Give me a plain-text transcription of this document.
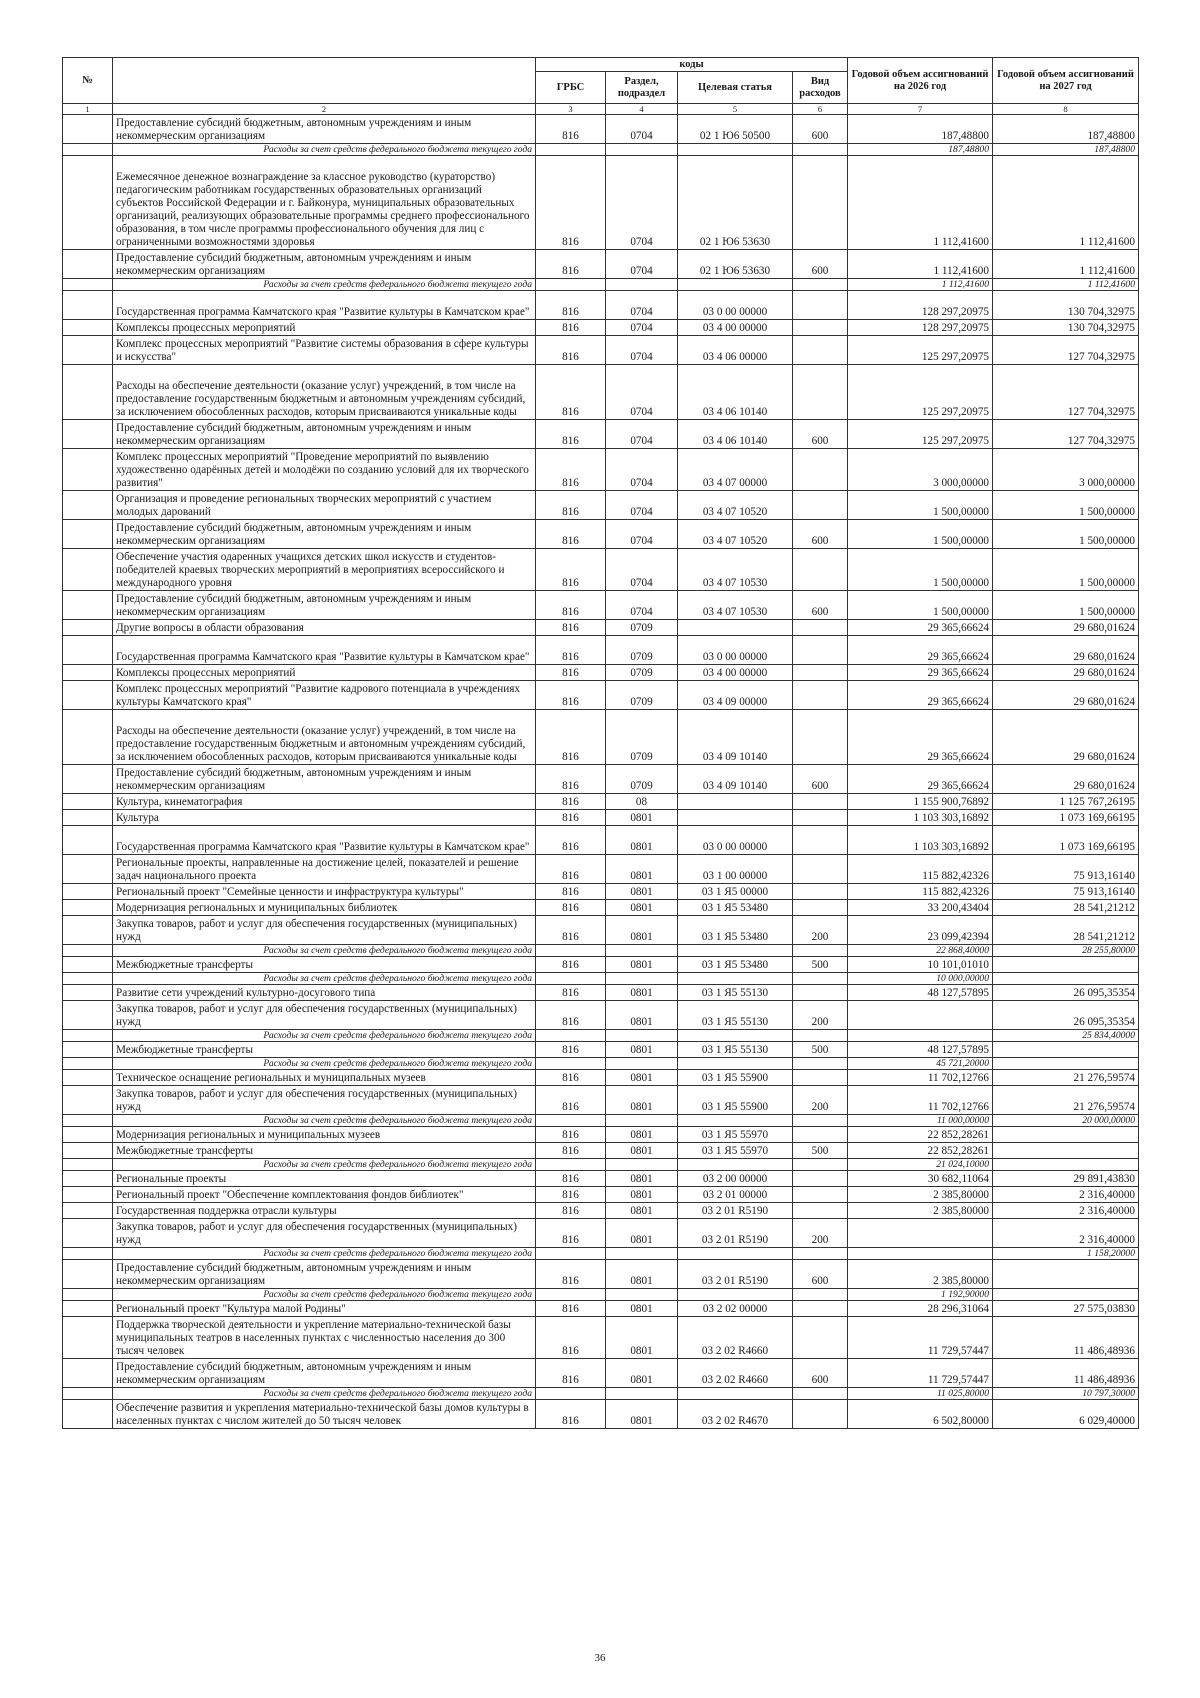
№		коды				Годовой объем ассигнований на 2026 год	Годовой объем ассигнований на 2027 год
		ГРБС	Раздел, подраздел	Целевая статья	Вид расходов		
1	2	3	4	5	6	7	8
	Предоставление субсидий бюджетным, автономным учреждениям и иным некоммерческим организациям	816	0704	02 1 Ю6 50500	600	187,48800	187,48800
	Расходы за счет средств федерального бюджета текущего года					187,48800	187,48800
	Ежемесячное денежное вознаграждение за классное руководство (кураторство) педагогическим работникам государственных образовательных организаций субъектов Российской Федерации и г. Байконура, муниципальных образовательных организаций, реализующих образовательные программы среднего профессионального образования, в том числе программы профессионального обучения для лиц с ограниченными возможностями здоровья	816	0704	02 1 Ю6 53630		1 112,41600	1 112,41600
	Предоставление субсидий бюджетным, автономным учреждениям и иным некоммерческим организациям	816	0704	02 1 Ю6 53630	600	1 112,41600	1 112,41600
	Расходы за счет средств федерального бюджета текущего года					1 112,41600	1 112,41600
	Государственная программа Камчатского края "Развитие культуры в Камчатском крае"	816	0704	03 0 00 00000		128 297,20975	130 704,32975
	Комплексы процессных мероприятий	816	0704	03 4 00 00000		128 297,20975	130 704,32975
	Комплекс процессных мероприятий "Развитие системы образования в сфере культуры и искусства"	816	0704	03 4 06 00000		125 297,20975	127 704,32975
	Расходы на обеспечение деятельности (оказание услуг) учреждений, в том числе на предоставление государственным бюджетным и автономным учреждениям субсидий, за исключением обособленных расходов, которым присваиваются уникальные коды	816	0704	03 4 06 10140		125 297,20975	127 704,32975
	Предоставление субсидий бюджетным, автономным учреждениям и иным некоммерческим организациям	816	0704	03 4 06 10140	600	125 297,20975	127 704,32975
	Комплекс процессных мероприятий "Проведение мероприятий по выявлению художественно одарённых детей и молодёжи по созданию условий для их творческого развития"	816	0704	03 4 07 00000		3 000,00000	3 000,00000
	Организация и проведение региональных творческих мероприятий с участием молодых дарований	816	0704	03 4 07 10520		1 500,00000	1 500,00000
	Предоставление субсидий бюджетным, автономным учреждениям и иным некоммерческим организациям	816	0704	03 4 07 10520	600	1 500,00000	1 500,00000
	Обеспечение участия одаренных учащихся детских школ искусств и студентов-победителей краевых творческих мероприятий в мероприятиях всероссийского и международного уровня	816	0704	03 4 07 10530		1 500,00000	1 500,00000
	Предоставление субсидий бюджетным, автономным учреждениям и иным некоммерческим организациям	816	0704	03 4 07 10530	600	1 500,00000	1 500,00000
	Другие вопросы в области образования	816	0709			29 365,66624	29 680,01624
	Государственная программа Камчатского края "Развитие культуры в Камчатском крае"	816	0709	03 0 00 00000		29 365,66624	29 680,01624
	Комплексы процессных мероприятий	816	0709	03 4 00 00000		29 365,66624	29 680,01624
	Комплекс процессных мероприятий "Развитие кадрового потенциала в учреждениях культуры Камчатского края"	816	0709	03 4 09 00000		29 365,66624	29 680,01624
	Расходы на обеспечение деятельности (оказание услуг) учреждений, в том числе на предоставление государственным бюджетным и автономным учреждениям субсидий, за исключением обособленных расходов, которым присваиваются уникальные коды	816	0709	03 4 09 10140		29 365,66624	29 680,01624
	Предоставление субсидий бюджетным, автономным учреждениям и иным некоммерческим организациям	816	0709	03 4 09 10140	600	29 365,66624	29 680,01624
	Культура, кинематография	816	08			1 155 900,76892	1 125 767,26195
	Культура	816	0801			1 103 303,16892	1 073 169,66195
	Государственная программа Камчатского края "Развитие культуры в Камчатском крае"	816	0801	03 0 00 00000		1 103 303,16892	1 073 169,66195
	Региональные проекты, направленные на достижение целей, показателей и решение задач национального проекта	816	0801	03 1 00 00000		115 882,42326	75 913,16140
	Региональный проект "Семейные ценности и инфраструктура культуры"	816	0801	03 1 Я5 00000		115 882,42326	75 913,16140
	Модернизация региональных и муниципальных библиотек	816	0801	03 1 Я5 53480		33 200,43404	28 541,21212
	Закупка товаров, работ и услуг для обеспечения государственных (муниципальных) нужд	816	0801	03 1 Я5 53480	200	23 099,42394	28 541,21212
	Расходы за счет средств федерального бюджета текущего года					22 868,40000	28 255,80000
	Межбюджетные трансферты	816	0801	03 1 Я5 53480	500	10 101,01010	
	Расходы за счет средств федерального бюджета текущего года					10 000,00000	
	Развитие сети учреждений культурно-досугового типа	816	0801	03 1 Я5 55130		48 127,57895	26 095,35354
	Закупка товаров, работ и услуг для обеспечения государственных (муниципальных) нужд	816	0801	03 1 Я5 55130	200		26 095,35354
	Расходы за счет средств федерального бюджета текущего года						25 834,40000
	Межбюджетные трансферты	816	0801	03 1 Я5 55130	500	48 127,57895	
	Расходы за счет средств федерального бюджета текущего года					45 721,20000	
	Техническое оснащение региональных и муниципальных музеев	816	0801	03 1 Я5 55900		11 702,12766	21 276,59574
	Закупка товаров, работ и услуг для обеспечения государственных (муниципальных) нужд	816	0801	03 1 Я5 55900	200	11 702,12766	21 276,59574
	Расходы за счет средств федерального бюджета текущего года					11 000,00000	20 000,00000
	Модернизация региональных и муниципальных музеев	816	0801	03 1 Я5 55970		22 852,28261	
	Межбюджетные трансферты	816	0801	03 1 Я5 55970	500	22 852,28261	
	Расходы за счет средств федерального бюджета текущего года					21 024,10000	
	Региональные проекты	816	0801	03 2 00 00000		30 682,11064	29 891,43830
	Региональный проект "Обеспечение комплектования фондов библиотек"	816	0801	03 2 01 00000		2 385,80000	2 316,40000
	Государственная поддержка отрасли культуры	816	0801	03 2 01 R5190		2 385,80000	2 316,40000
	Закупка товаров, работ и услуг для обеспечения государственных (муниципальных) нужд	816	0801	03 2 01 R5190	200		2 316,40000
	Расходы за счет средств федерального бюджета текущего года						1 158,20000
	Предоставление субсидий бюджетным, автономным учреждениям и иным некоммерческим организациям	816	0801	03 2 01 R5190	600	2 385,80000	
	Расходы за счет средств федерального бюджета текущего года					1 192,90000	
	Региональный проект "Культура малой Родины"	816	0801	03 2 02 00000		28 296,31064	27 575,03830
	Поддержка творческой деятельности и укрепление материально-технической базы муниципальных театров в населенных пунктах с численностью населения до 300 тысяч человек	816	0801	03 2 02 R4660		11 729,57447	11 486,48936
	Предоставление субсидий бюджетным, автономным учреждениям и иным некоммерческим организациям	816	0801	03 2 02 R4660	600	11 729,57447	11 486,48936
	Расходы за счет средств федерального бюджета текущего года					11 025,80000	10 797,30000
	Обеспечение развития и укрепления материально-технической базы домов культуры в населенных пунктах с числом жителей до 50 тысяч человек	816	0801	03 2 02 R4670		6 502,80000	6 029,40000
36
